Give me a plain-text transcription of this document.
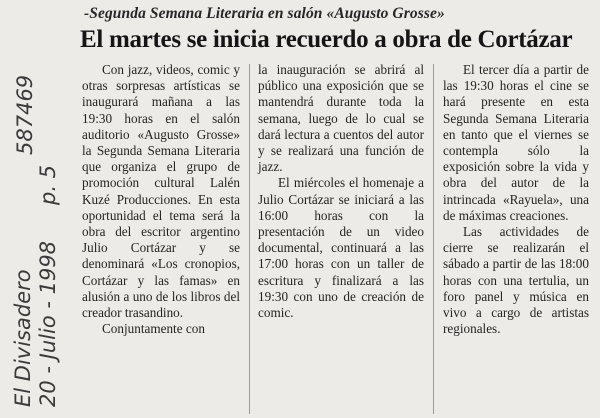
El Divisadero 20 - Julio - 1998
p. 5
587469
-Segunda Semana Literaria en salón «Augusto Grosse»
El martes se inicia recuerdo a obra de Cortázar

Con jazz, videos, comic y otras sorpresas artísticas se inaugurará mañana a las 19:30 horas en el salón auditorio «Augusto Grosse» la Segunda Semana Literaria que organiza el grupo de promoción cultural Lalén Kuzé Producciones. En esta oportunidad el tema será la obra del escritor argentino Julio Cortázar y se denominará «Los cronopios, Cortázar y las famas» en alusión a uno de los libros del creador trasandino.

Conjuntamente con

la inauguración se abrirá al público una exposición que se mantendrá durante toda la semana, luego de lo cual se dará lectura a cuentos del autor y se realizará una función de jazz.

El miércoles el homenaje a Julio Cortázar se iniciará a las 16:00 horas con la presentación de un video documental, continuará a las 17:00 horas con un taller de escritura y finalizará a las 19:30 con uno de creación de comic.

El tercer día a partir de las 19:30 horas el cine se hará presente en esta Segunda Semana Literaria en tanto que el viernes se contempla sólo la exposición sobre la vida y obra del autor de la intrincada «Rayuela», una de máximas creaciones.

Las actividades de cierre se realizarán el sábado a partir de las 18:00 horas con una tertulia, un foro panel y música en vivo a cargo de artistas regionales.
